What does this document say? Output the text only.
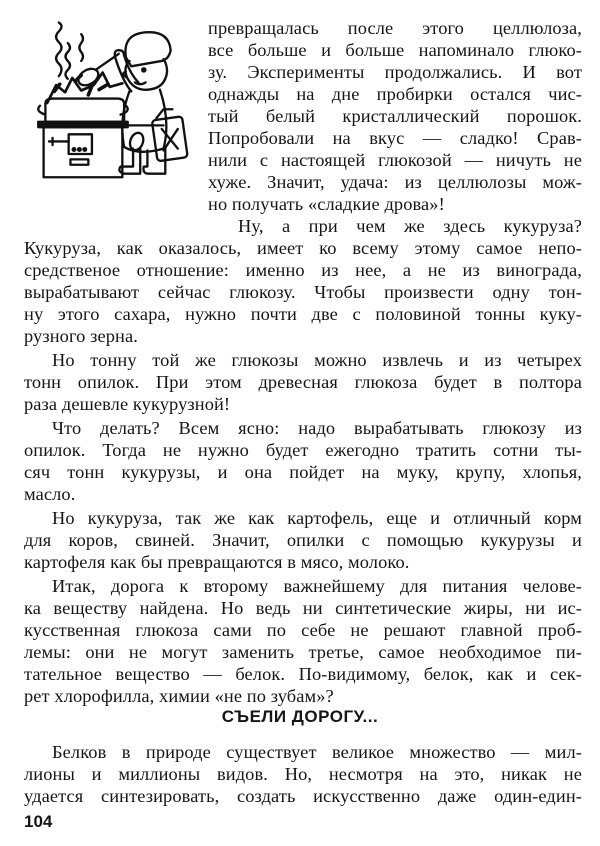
превращалась после этого целлюлоза,
все больше и больше напоминало глюко-
зу. Эксперименты продолжались. И вот
однажды на дне пробирки остался чис-
тый белый кристаллический порошок.
Попробовали на вкус — сладко! Срав-
нили с настоящей глюкозой — ничуть не
хуже. Значит, удача: из целлюлозы мож-
но получать «сладкие дрова»!
Ну, а при чем же здесь кукуруза?
Кукуруза, как оказалось, имеет ко всему этому самое непо-
средственое отношение: именно из нее, а не из винограда,
вырабатывают сейчас глюкозу. Чтобы произвести одну тон-
ну этого сахара, нужно почти две с половиной тонны куку-
рузного зерна.
Но тонну той же глюкозы можно извлечь и из четырех
тонн опилок. При этом древесная глюкоза будет в полтора
раза дешевле кукурузной!
Что делать? Всем ясно: надо вырабатывать глюкозу из
опилок. Тогда не нужно будет ежегодно тратить сотни ты-
сяч тонн кукурузы, и она пойдет на муку, крупу, хлопья,
масло.
Но кукуруза, так же как картофель, еще и отличный корм
для коров, свиней. Значит, опилки с помощью кукурузы и
картофеля как бы превращаются в мясо, молоко.
Итак, дорога к второму важнейшему для питания челове-
ка веществу найдена. Но ведь ни синтетические жиры, ни ис-
кусственная глюкоза сами по себе не решают главной проб-
лемы: они не могут заменить третье, самое необходимое пи-
тательное вещество — белок. По-видимому, белок, как и сек-
рет хлорофилла, химии «не по зубам»?
СЪЕЛИ ДОРОГУ...
Белков в природе существует великое множество — мил-
лионы и миллионы видов. Но, несмотря на это, никак не
удается синтезировать, создать искусственно даже один-един-
104
